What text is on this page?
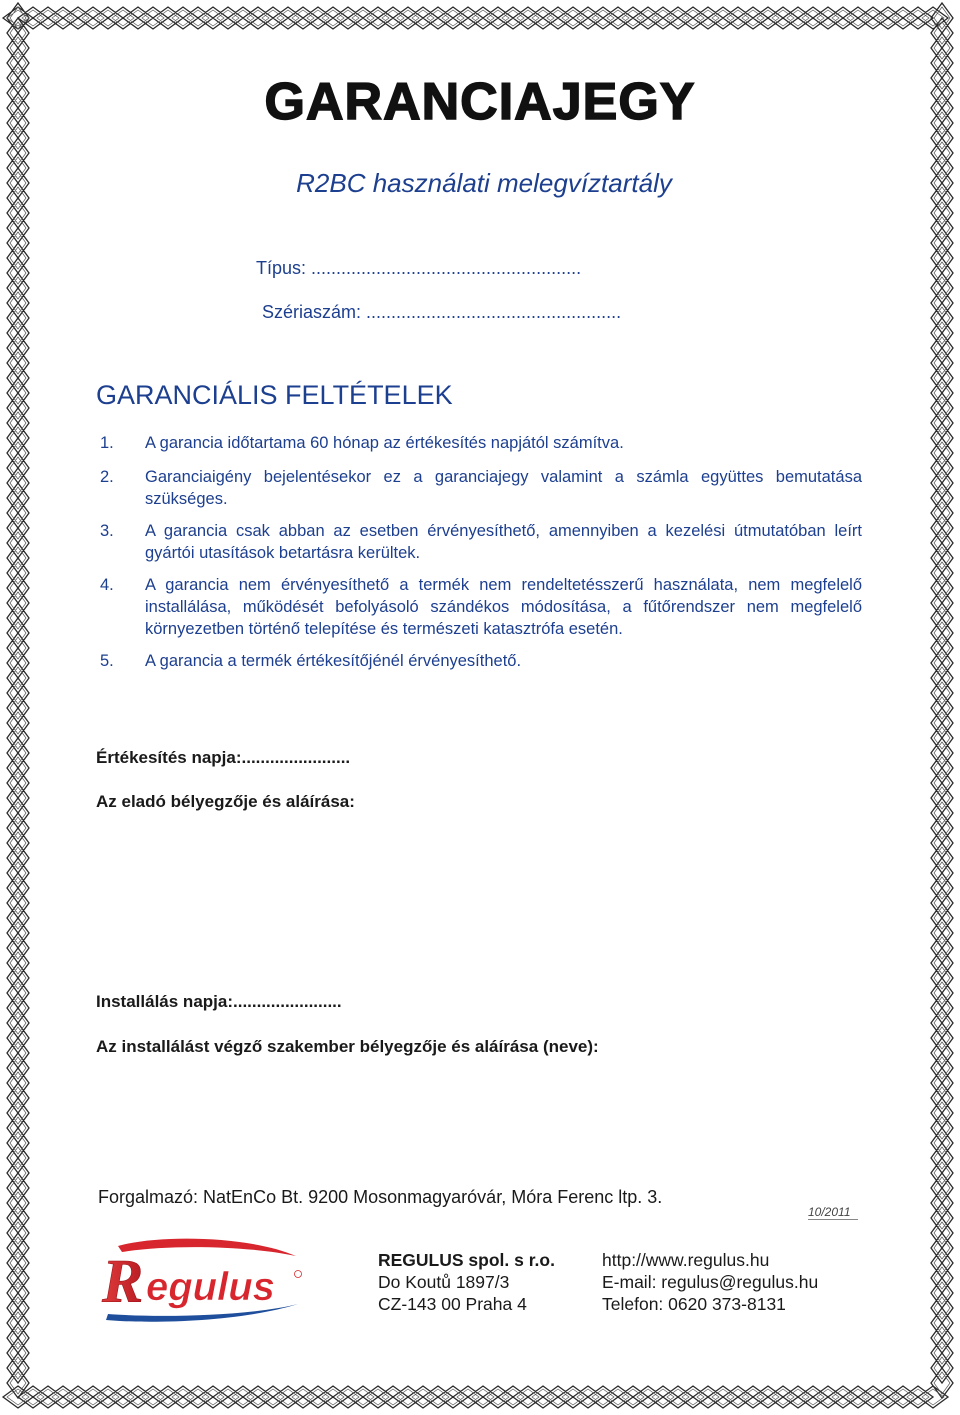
GARANCIAJEGY
R2BC használati melegvíztartály
Típus: ......................................................
Szériaszám: ...................................................
GARANCIÁLIS FELTÉTELEK
1. A garancia időtartama 60 hónap az értékesítés napjától számítva.
2. Garanciaigény bejelentésekor ez a garanciajegy valamint a számla együttes bemutatása szükséges.
3. A garancia csak abban az esetben érvényesíthető, amennyiben a kezelési útmutatóban leírt gyártói utasítások betartásra kerültek.
4. A garancia nem érvényesíthető a termék nem rendeltetésszerű használata, nem megfelelő installálása, működését befolyásoló szándékos módosítása, a fűtőrendszer nem megfelelő környezetben történő telepítése és természeti katasztrófa esetén.
5. A garancia a termék értékesítőjénél érvényesíthető.
Értékesítés napja:.......................
Az eladó bélyegzője és aláírása:
Installálás napja:.......................
Az installálást végző szakember bélyegzője és aláírása (neve):
Forgalmazó: NatEnCo Bt. 9200 Mosonmagyaróvár, Móra Ferenc ltp. 3.
10/2011
R egulus
REGULUS spol. s r.o.
Do Koutů 1897/3
CZ-143 00 Praha 4
http://www.regulus.hu
E-mail: regulus@regulus.hu
Telefon: 0620 373-8131
